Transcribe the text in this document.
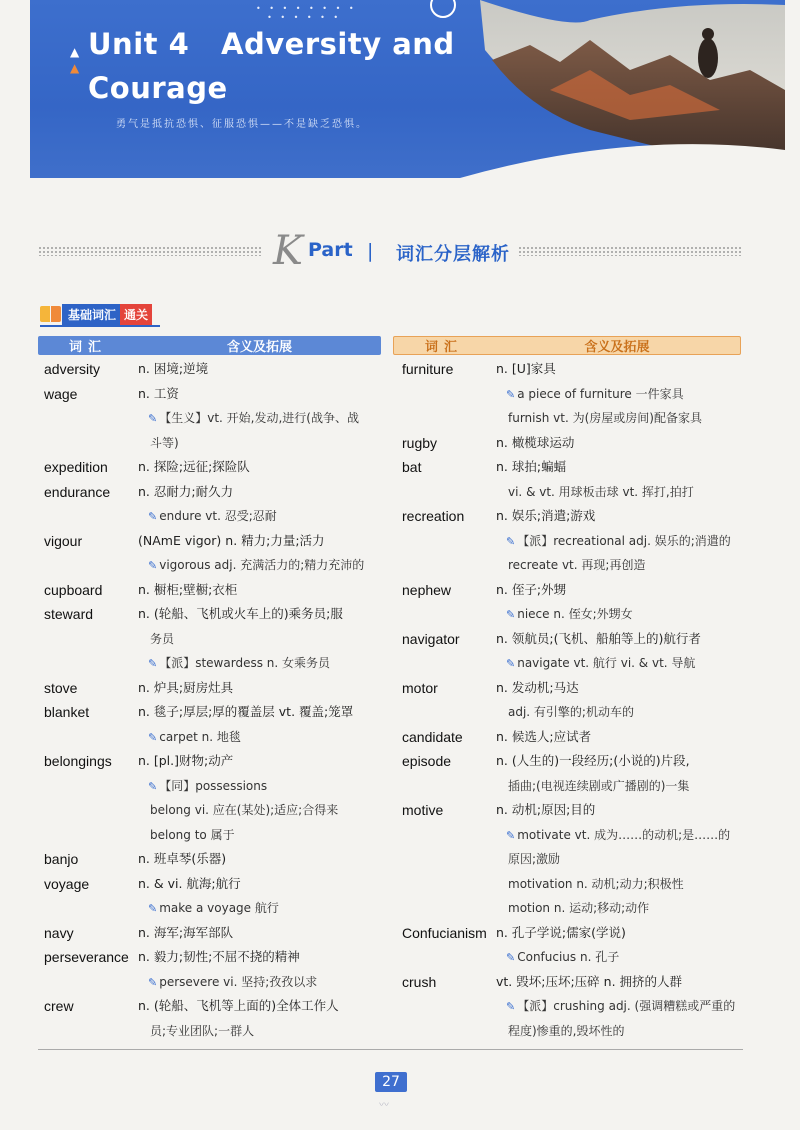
• • • • • • • •
• • • • • •
▲
▲
Unit 4   Adversity and
Courage
勇气是抵抗恐惧、征服恐惧——不是缺乏恐惧。
K Part | 词汇分层解析
基础词汇 通关
词汇	含义及拓展	词汇	含义及拓展
adversity	n. 困境;逆境
wage	n. 工资
✎ 【生义】vt. 开始,发动,进行(战争、战
斗等)
expedition n. 探险;远征;探险队
endurance n. 忍耐力;耐久力
✎ endure vt. 忍受;忍耐
vigour	(NAmE vigor) n. 精力;力量;活力
✎ vigorous adj. 充满活力的;精力充沛的
cupboard	n. 橱柜;壁橱;衣柜
steward	n. (轮船、飞机或火车上的)乘务员;服
务员
✎ 【派】stewardess n. 女乘务员
stove	n. 炉具;厨房灶具
blanket	n. 毯子;厚层;厚的覆盖层 vt. 覆盖;笼罩
✎ carpet n. 地毯
belongings n. [pl.]财物;动产
✎ 【同】possessions
belong vi. 应在(某处);适应;合得来
belong to 属于
banjo	n. 班卓琴(乐器)
voyage	n. & vi. 航海;航行
✎ make a voyage 航行
navy	n. 海军;海军部队
perseverance n. 毅力;韧性;不屈不挠的精神
✎ persevere vi. 坚持;孜孜以求
crew	n. (轮船、飞机等上面的)全体工作人
员;专业团队;一群人
furniture	n. [U]家具
✎ a piece of furniture 一件家具
furnish vt. 为(房屋或房间)配备家具
rugby	n. 橄榄球运动
bat	n. 球拍;蝙蝠
vi. & vt. 用球板击球 vt. 挥打,拍打
recreation	n. 娱乐;消遣;游戏
✎ 【派】recreational adj. 娱乐的;消遣的
recreate vt. 再现;再创造
nephew	n. 侄子;外甥
✎ niece n. 侄女;外甥女
navigator	n. 领航员;(飞机、船舶等上的)航行者
✎ navigate vt. 航行 vi. & vt. 导航
motor	n. 发动机;马达
adj. 有引擎的;机动车的
candidate	n. 候选人;应试者
episode	n. (人生的)一段经历;(小说的)片段,
插曲;(电视连续剧或广播剧的)一集
motive	n. 动机;原因;目的
✎ motivate vt. 成为……的动机;是……的
原因;激励
motivation n. 动机;动力;积极性
motion n. 运动;移动;动作
Confucianism n. 孔子学说;儒家(学说)
✎ Confucius n. 孔子
crush	vt. 毁坏;压坏;压碎 n. 拥挤的人群
✎ 【派】crushing adj. (强调糟糕或严重的
程度)惨重的,毁坏性的
27
〰
